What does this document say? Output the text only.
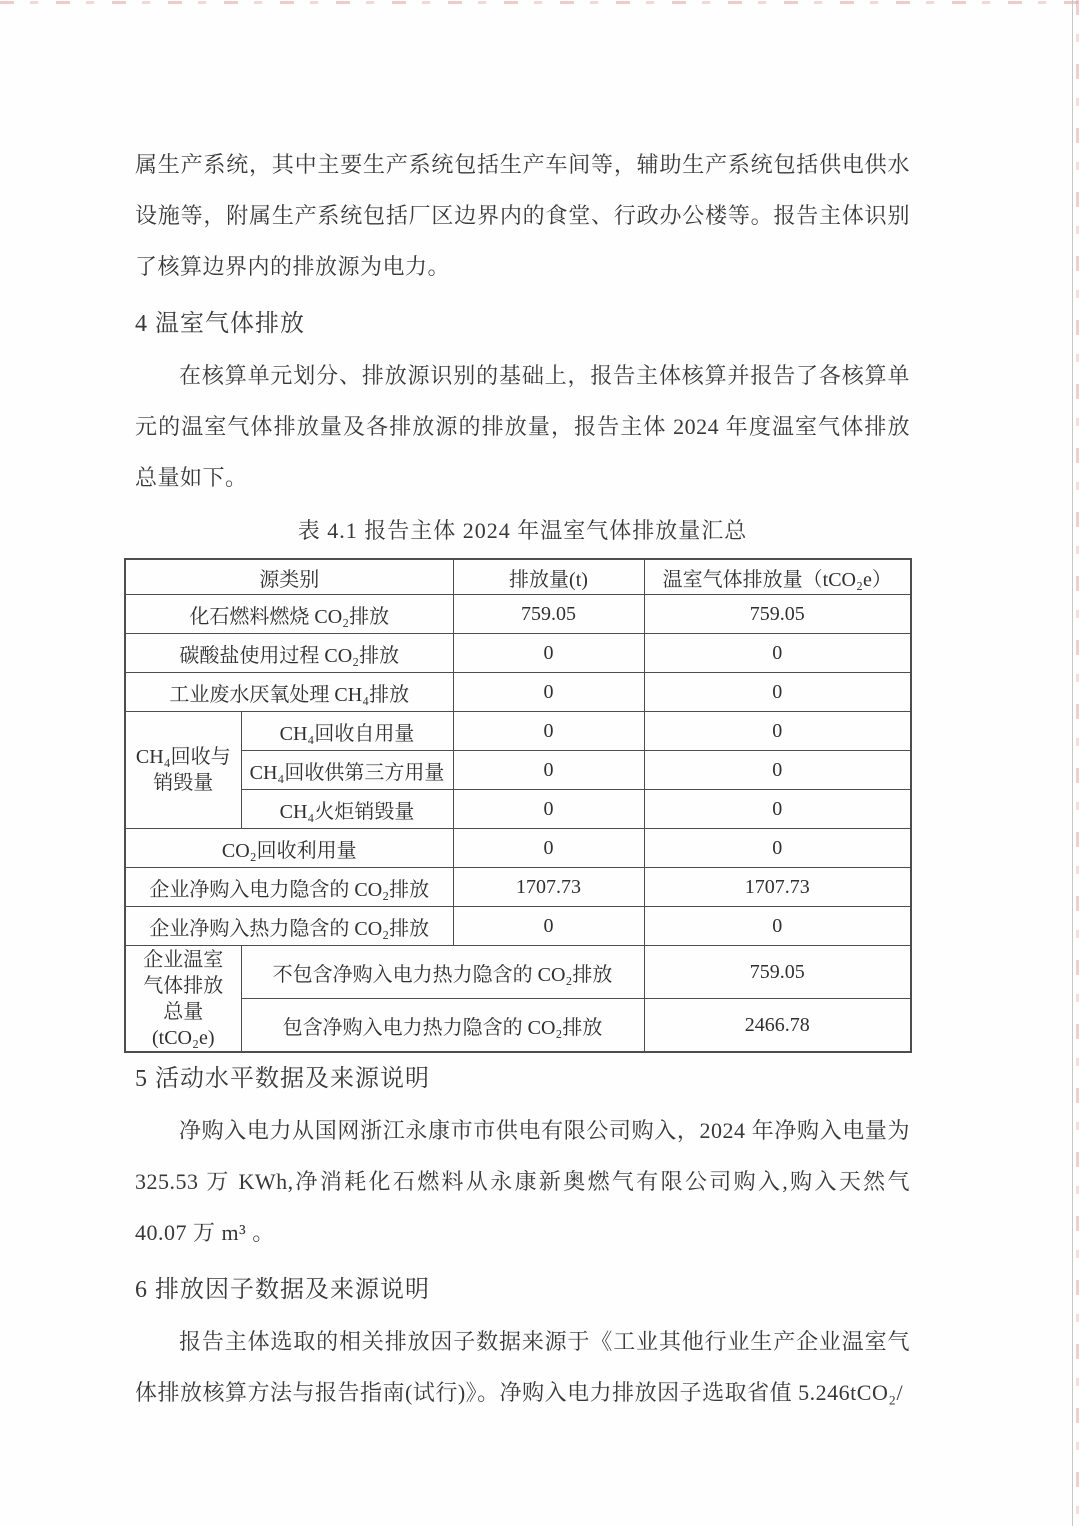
属生产系统，其中主要生产系统包括生产车间等，辅助生产系统包括供电供水设施等，附属生产系统包括厂区边界内的食堂、行政办公楼等。报告主体识别了核算边界内的排放源为电力。

4 温室气体排放

在核算单元划分、排放源识别的基础上，报告主体核算并报告了各核算单元的温室气体排放量及各排放源的排放量，报告主体 2024 年度温室气体排放总量如下。

表 4.1 报告主体 2024 年温室气体排放量汇总
源类别		排放量(t)	温室气体排放量（tCO₂e）
化石燃料燃烧 CO₂排放		759.05	759.05
碳酸盐使用过程 CO₂排放		0	0
工业废水厌氧处理 CH₄排放		0	0

CH₄回收与
销毁量	CH₄回收自用量	0	0
	CH₄回收供第三方用量	0	0
	CH₄火炬销毁量	0	0
CO₂回收利用量		0	0
企业净购入电力隐含的 CO₂排放		1707.73	1707.73
企业净购入热力隐含的 CO₂排放		0	0

企业温室
气体排放
总量
(tCO₂e)	不包含净购入电力热力隐含的 CO₂排放		759.05
	包含净购入电力热力隐含的 CO₂排放		2466.78
5 活动水平数据及来源说明

净购入电力从国网浙江永康市市供电有限公司购入，2024 年净购入电量为 325.53 万 KWh,净消耗化石燃料从永康新奥燃气有限公司购入,购入天然气 40.07 万 m³ 。

6 排放因子数据及来源说明

报告主体选取的相关排放因子数据来源于《工业其他行业生产企业温室气体排放核算方法与报告指南(试行)》。净购入电力排放因子选取省值 5.246tCO₂/
